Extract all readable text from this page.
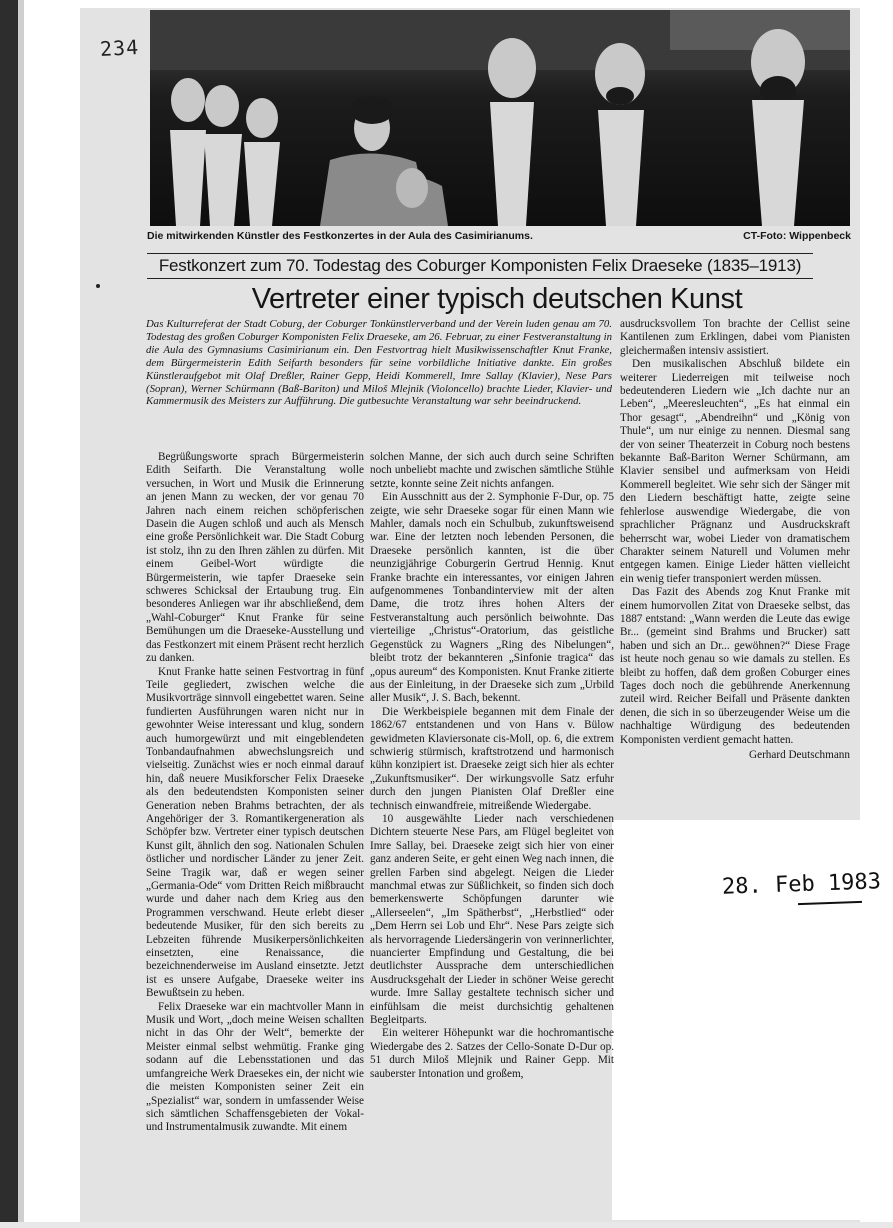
234
Die mitwirkenden Künstler des Festkonzertes in der Aula des Casimirianums.	CT-Foto: Wippenbeck
Festkonzert zum 70. Todestag des Coburger Komponisten Felix Draeseke (1835–1913)
Vertreter einer typisch deutschen Kunst

Das Kulturreferat der Stadt Coburg, der Coburger Tonkünstlerverband und der Verein luden genau am 70. Todestag des großen Coburger Komponisten Felix Draeseke, am 26. Februar, zu einer Festveranstaltung in die Aula des Gymnasiums Casimirianum ein. Den Festvortrag hielt Musikwissenschaftler Knut Franke, dem Bürgermeisterin Edith Seifarth besonders für seine vorbildliche Initiative dankte. Ein großes Künstleraufgebot mit Olaf Dreßler, Rainer Gepp, Heidi Kommerell, Imre Sallay (Klavier), Nese Pars (Sopran), Werner Schürmann (Baß-Bariton) und Miloš Mlejnik (Violoncello) brachte Lieder, Klavier- und Kammermusik des Meisters zur Aufführung. Die gutbesuchte Veranstaltung war sehr beeindruckend.

Begrüßungsworte sprach Bürgermeisterin Edith Seifarth. Die Veranstaltung wolle versuchen, in Wort und Musik die Erinnerung an jenen Mann zu wecken, der vor genau 70 Jahren nach einem reichen schöpferischen Dasein die Augen schloß und auch als Mensch eine große Persönlichkeit war. Die Stadt Coburg ist stolz, ihn zu den Ihren zählen zu dürfen. Mit einem Geibel-Wort würdigte die Bürgermeisterin, wie tapfer Draeseke sein schweres Schicksal der Ertaubung trug. Ein besonderes Anliegen war ihr abschließend, dem „Wahl-Coburger“ Knut Franke für seine Bemühungen um die Draeseke-Ausstellung und das Festkonzert mit einem Präsent recht herzlich zu danken.

Knut Franke hatte seinen Festvortrag in fünf Teile gegliedert, zwischen welche die Musikvorträge sinnvoll eingebettet waren. Seine fundierten Ausführungen waren nicht nur in gewohnter Weise interessant und klug, sondern auch humorgewürzt und mit eingeblendeten Tonbandaufnahmen abwechslungsreich und vielseitig. Zunächst wies er noch einmal darauf hin, daß neuere Musikforscher Felix Draeseke als den bedeutendsten Komponisten seiner Generation neben Brahms betrachten, der als Angehöriger der 3. Romantikergeneration als Schöpfer bzw. Vertreter einer typisch deutschen Kunst gilt, ähnlich den sog. Nationalen Schulen östlicher und nordischer Länder zu jener Zeit. Seine Tragik war, daß er wegen seiner „Germania-Ode“ vom Dritten Reich mißbraucht wurde und daher nach dem Krieg aus den Programmen verschwand. Heute erlebt dieser bedeutende Musiker, für den sich bereits zu Lebzeiten führende Musikerpersönlichkeiten einsetzten, eine Renaissance, die bezeichnenderweise im Ausland einsetzte. Jetzt ist es unsere Aufgabe, Draeseke weiter ins Bewußtsein zu heben.

Felix Draeseke war ein machtvoller Mann in Musik und Wort, „doch meine Weisen schallten nicht in das Ohr der Welt“, bemerkte der Meister einmal selbst wehmütig. Franke ging sodann auf die Lebensstationen und das umfangreiche Werk Draesekes ein, der nicht wie die meisten Komponisten seiner Zeit ein „Spezialist“ war, sondern in umfassender Weise sich sämtlichen Schaffensgebieten der Vokal- und Instrumentalmusik zuwandte. Mit einem

solchen Manne, der sich auch durch seine Schriften noch unbeliebt machte und zwischen sämtliche Stühle setzte, konnte seine Zeit nichts anfangen.

Ein Ausschnitt aus der 2. Symphonie F-Dur, op. 75 zeigte, wie sehr Draeseke sogar für einen Mann wie Mahler, damals noch ein Schulbub, zukunftsweisend war. Eine der letzten noch lebenden Personen, die Draeseke persönlich kannten, ist die über neunzigjährige Coburgerin Gertrud Hennig. Knut Franke brachte ein interessantes, vor einigen Jahren aufgenommenes Tonbandinterview mit der alten Dame, die trotz ihres hohen Alters der Festveranstaltung auch persönlich beiwohnte. Das vierteilige „Christus“-Oratorium, das geistliche Gegenstück zu Wagners „Ring des Nibelungen“, bleibt trotz der bekannteren „Sinfonie tragica“ das „opus aureum“ des Komponisten. Knut Franke zitierte aus der Einleitung, in der Draeseke sich zum „Urbild aller Musik“, J. S. Bach, bekennt.

Die Werkbeispiele begannen mit dem Finale der 1862/67 entstandenen und von Hans v. Bülow gewidmeten Klaviersonate cis-Moll, op. 6, die extrem schwierig stürmisch, kraftstrotzend und harmonisch kühn konzipiert ist. Draeseke zeigt sich hier als echter „Zukunftsmusiker“. Der wirkungsvolle Satz erfuhr durch den jungen Pianisten Olaf Dreßler eine technisch einwandfreie, mitreißende Wiedergabe.

10 ausgewählte Lieder nach verschiedenen Dichtern steuerte Nese Pars, am Flügel begleitet von Imre Sallay, bei. Draeseke zeigt sich hier von einer ganz anderen Seite, er geht einen Weg nach innen, die grellen Farben sind abgelegt. Neigen die Lieder manchmal etwas zur Süßlichkeit, so finden sich doch bemerkenswerte Schöpfungen darunter wie „Allerseelen“, „Im Spätherbst“, „Herbstlied“ oder „Dem Herrn sei Lob und Ehr“. Nese Pars zeigte sich als hervorragende Liedersängerin von verinnerlichter, nuancierter Empfindung und Gestaltung, die bei deutlichster Aussprache dem unterschiedlichen Ausdrucksgehalt der Lieder in schöner Weise gerecht wurde. Imre Sallay gestaltete technisch sicher und einfühlsam die meist durchsichtig gehaltenen Begleitparts.

Ein weiterer Höhepunkt war die hochromantische Wiedergabe des 2. Satzes der Cello-Sonate D-Dur op. 51 durch Miloš Mlejnik und Rainer Gepp. Mit sauberster Intonation und großem,

ausdrucksvollem Ton brachte der Cellist seine Kantilenen zum Erklingen, dabei vom Pianisten gleichermaßen intensiv assistiert.

Den musikalischen Abschluß bildete ein weiterer Liederreigen mit teilweise noch bedeutenderen Liedern wie „Ich dachte nur an Leben“, „Meeresleuchten“, „Es hat einmal ein Thor gesagt“, „Abendreihn“ und „König von Thule“, um nur einige zu nennen. Diesmal sang der von seiner Theaterzeit in Coburg noch bestens bekannte Baß-Bariton Werner Schürmann, am Klavier sensibel und aufmerksam von Heidi Kommerell begleitet. Wie sehr sich der Sänger mit den Liedern beschäftigt hatte, zeigte seine fehlerlose auswendige Wiedergabe, die von sprachlicher Prägnanz und Ausdruckskraft beherrscht war, wobei Lieder von dramatischem Charakter seinem Naturell und Volumen mehr entgegen kamen. Einige Lieder hätten vielleicht ein wenig tiefer transponiert werden müssen.

Das Fazit des Abends zog Knut Franke mit einem humorvollen Zitat von Draeseke selbst, das 1887 entstand: „Wann werden die Leute das ewige Br... (gemeint sind Brahms und Brucker) satt haben und sich an Dr... gewöhnen?“ Diese Frage ist heute noch genau so wie damals zu stellen. Es bleibt zu hoffen, daß dem großen Coburger eines Tages doch noch die gebührende Anerkennung zuteil wird. Reicher Beifall und Präsente dankten denen, die sich in so überzeugender Weise um die nachhaltige Würdigung des bedeutenden Komponisten verdient gemacht hatten.

Gerhard Deutschmann

28. Feb 1983
